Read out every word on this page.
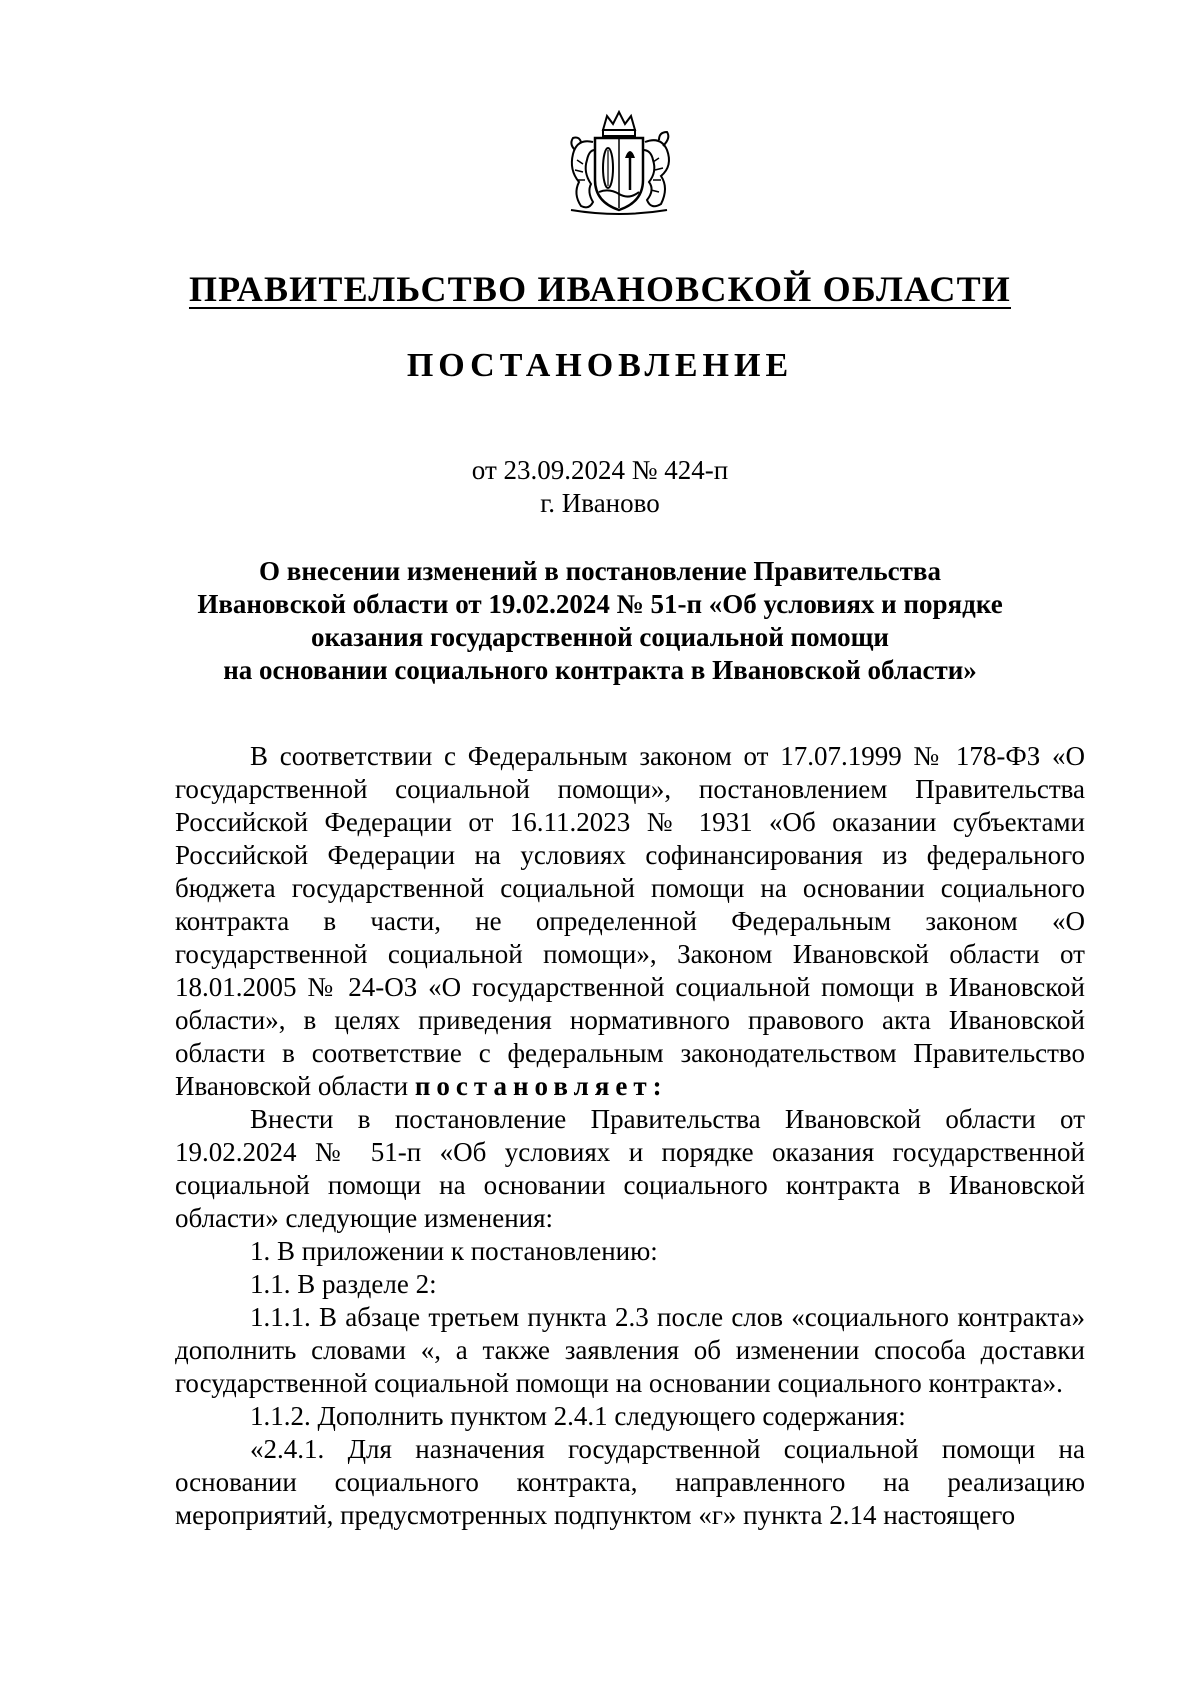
ПРАВИТЕЛЬСТВО ИВАНОВСКОЙ ОБЛАСТИ
ПОСТАНОВЛЕНИЕ
от 23.09.2024 № 424-п
г. Иваново
О внесении изменений в постановление Правительства
Ивановской области от 19.02.2024 № 51-п «Об условиях и порядке
оказания государственной социальной помощи
на основании социального контракта в Ивановской области»

В соответствии с Федеральным законом от 17.07.1999 № 178-ФЗ «О государственной социальной помощи», постановлением Правительства Российской Федерации от 16.11.2023 № 1931 «Об оказании субъектами Российской Федерации на условиях софинансирования из федерального бюджета государственной социальной помощи на основании социального контракта в части, не определенной Федеральным законом «О государственной социальной помощи», Законом Ивановской области от 18.01.2005 № 24-ОЗ «О государственной социальной помощи в Ивановской области», в целях приведения нормативного правового акта Ивановской области в соответствие с федеральным законодательством Правительство Ивановской области постановляет:

Внести в постановление Правительства Ивановской области от 19.02.2024 № 51-п «Об условиях и порядке оказания государственной социальной помощи на основании социального контракта в Ивановской области» следующие изменения:

1. В приложении к постановлению:

1.1. В разделе 2:

1.1.1. В абзаце третьем пункта 2.3 после слов «социального контракта» дополнить словами «, а также заявления об изменении способа доставки государственной социальной помощи на основании социального контракта».

1.1.2. Дополнить пунктом 2.4.1 следующего содержания:

«2.4.1. Для назначения государственной социальной помощи на основании социального контракта, направленного на реализацию мероприятий, предусмотренных подпунктом «г» пункта 2.14 настоящего
